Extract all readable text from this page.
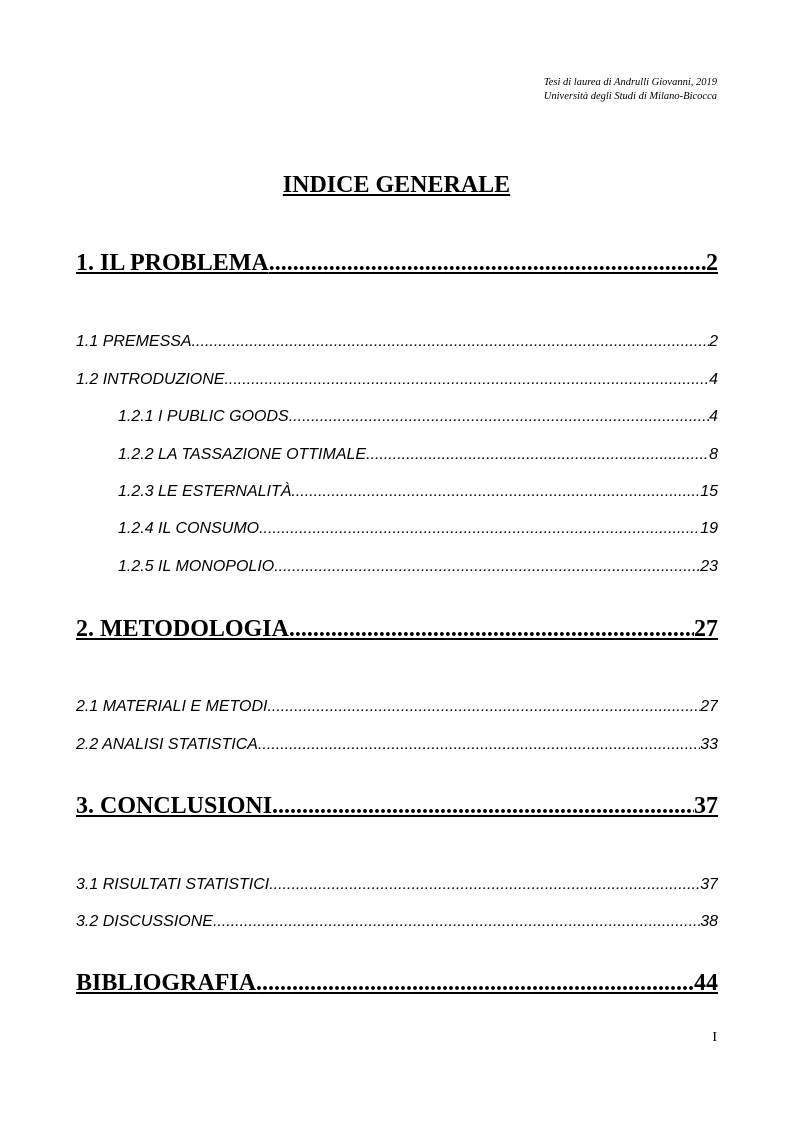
Tesi di laurea di Andrulli Giovanni, 2019
Università degli Studi di Milano-Bicocca
INDICE GENERALE
1. IL PROBLEMA .....	2
1.1 PREMESSA .....	2
1.2 INTRODUZIONE .....	4
1.2.1 I PUBLIC GOODS .....	4
1.2.2 LA TASSAZIONE OTTIMALE .....	8
1.2.3 LE ESTERNALITÀ .....	15
1.2.4 IL CONSUMO .....	19
1.2.5 IL MONOPOLIO .....	23
2. METODOLOGIA .....	27
2.1 MATERIALI E METODI .....	27
2.2 ANALISI STATISTICA .....	33
3. CONCLUSIONI .....	37
3.1 RISULTATI STATISTICI .....	37
3.2 DISCUSSIONE .....	38
BIBLIOGRAFIA .....	44
I
